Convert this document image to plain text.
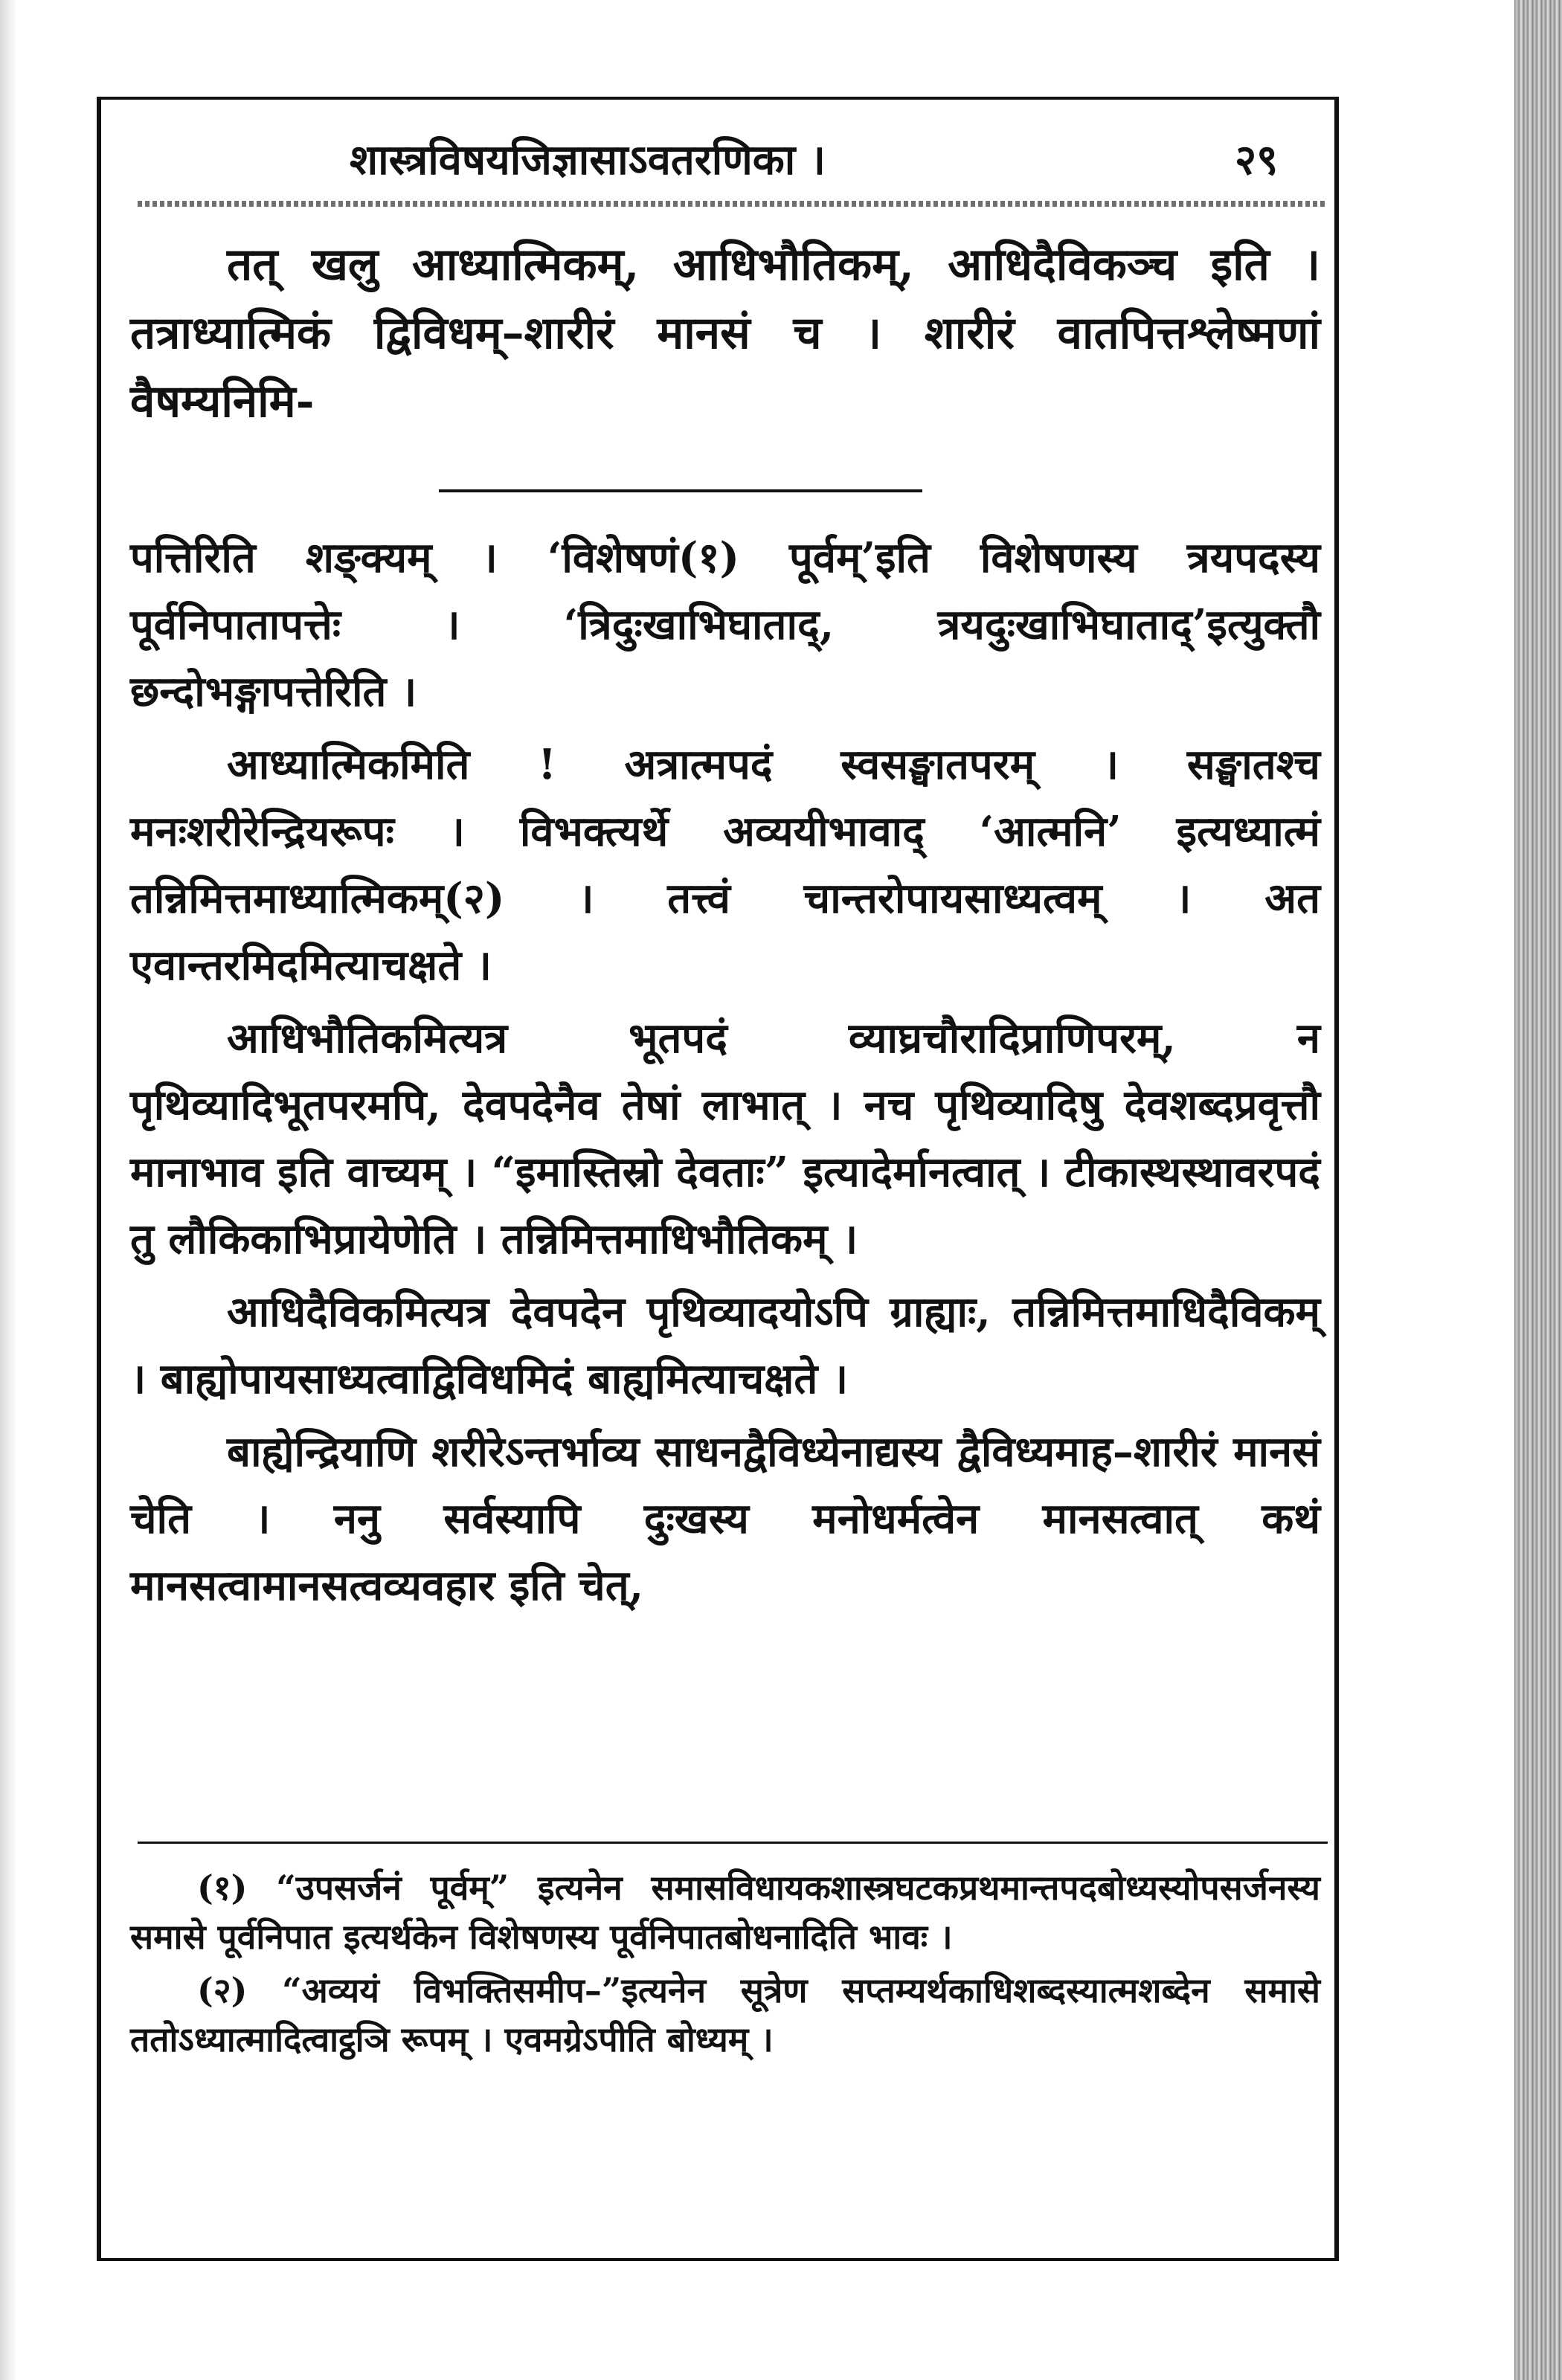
शास्त्रविषयजिज्ञासाऽवतरणिका ।	२९

तत् खलु आध्यात्मिकम्, आधिभौतिकम्, आधिदैविकञ्च इति । तत्राध्यात्मिकं द्विविधम्–शारीरं मानसं च । शारीरं वातपित्तश्लेष्मणां वैषम्यनिमि-

पत्तिरिति शङ्क्यम् । ‘विशेषणं(१) पूर्वम्’इति विशेषणस्य त्रयपदस्य पूर्वनिपातापत्तेः । ‘त्रिदुःखाभिघाताद्, त्रयदुःखाभिघाताद्’इत्युक्तौ छन्दोभङ्गापत्तेरिति ।

आध्यात्मिकमिति ! अत्रात्मपदं स्वसङ्घातपरम् । सङ्घातश्च मनःशरीरेन्द्रियरूपः । विभक्त्यर्थे अव्ययीभावाद् ‘आत्मनि’ इत्यध्यात्मं तन्निमित्तमाध्यात्मिकम्(२) । तत्त्वं चान्तरोपायसाध्यत्वम् । अत एवान्तरमिदमित्याचक्षते ।

आधिभौतिकमित्यत्र भूतपदं व्याघ्रचौरादिप्राणिपरम्, न पृथिव्यादिभूतपरमपि, देवपदेनैव तेषां लाभात् । नच पृथिव्यादिषु देवशब्दप्रवृत्तौ मानाभाव इति वाच्यम् । “इमास्तिस्रो देवताः” इत्यादेर्मानत्वात् । टीकास्थस्थावरपदं तु लौकिकाभिप्रायेणेति । तन्निमित्तमाधिभौतिकम् ।

आधिदैविकमित्यत्र देवपदेन पृथिव्यादयोऽपि ग्राह्याः, तन्निमित्तमाधिदैविकम् । बाह्योपायसाध्यत्वाद्विविधमिदं बाह्यमित्याचक्षते ।

बाह्येन्द्रियाणि शरीरेऽन्तर्भाव्य साधनद्वैविध्येनाद्यस्य द्वैविध्यमाह–शारीरं मानसं चेति । ननु सर्वस्यापि दुःखस्य मनोधर्मत्वेन मानसत्वात् कथं मानसत्वामानसत्वव्यवहार इति चेत्,

(१) “उपसर्जनं पूर्वम्” इत्यनेन समासविधायकशास्त्रघटकप्रथमान्तपदबोध्यस्योपसर्जनस्य समासे पूर्वनिपात इत्यर्थकेन विशेषणस्य पूर्वनिपातबोधनादिति भावः ।

(२) “अव्ययं विभक्तिसमीप–”इत्यनेन सूत्रेण सप्तम्यर्थकाधिशब्दस्यात्मशब्देन समासे ततोऽध्यात्मादित्वाट्ठञि रूपम् । एवमग्रेऽपीति बोध्यम् ।
